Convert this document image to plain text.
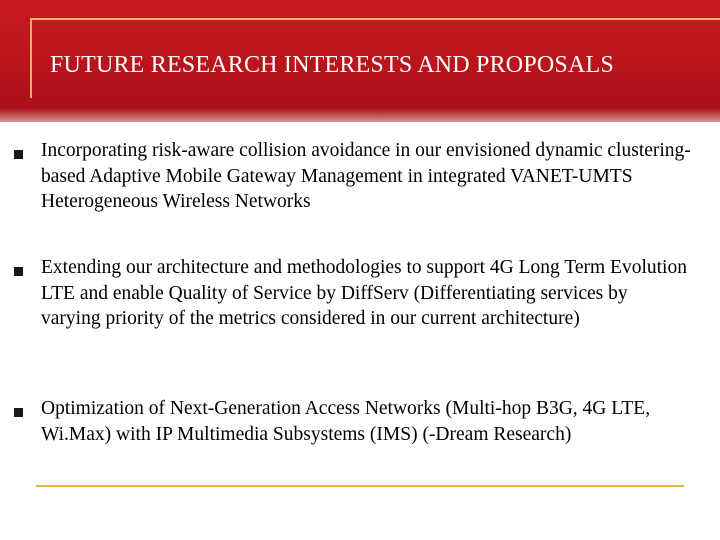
FUTURE RESEARCH INTERESTS AND PROPOSALS
Incorporating risk-aware collision avoidance in our envisioned dynamic clustering-based Adaptive Mobile Gateway Management in integrated VANET-UMTS Heterogeneous Wireless Networks
Extending our architecture and methodologies to support 4G Long Term Evolution LTE and enable Quality of Service by DiffServ (Differentiating services by varying priority of the metrics considered in our current architecture)
Optimization of Next-Generation Access Networks (Multi-hop B3G, 4G LTE, Wi.Max) with IP Multimedia Subsystems (IMS) (-Dream Research)
